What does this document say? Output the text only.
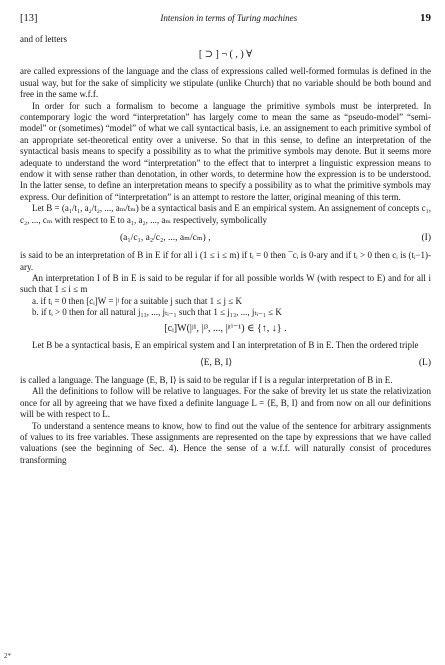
[13]	Intension in terms of Turing machines	19

and of letters

[ ⊃ ] ¬ ( , ) ∀

are called expressions of the language and the class of expressions called well-formed formulas is defined in the usual way, but for the sake of simplicity we stipulate (unlike Church) that no variable should be both bound and free in the same w.f.f.

In order for such a formalism to become a language the primitive symbols must be interpreted. In contemporary logic the word “interpretation” has largely come to mean the same as “pseudo-model” “semi-model” or (sometimes) “model” of what we call syntactical basis, i.e. an assignement to each primitive symbol of an appropriate set-theoretical entity over a universe. So that in this sense, to define an interpretation of the syntactical basis means to specify a possibility as to what the primitive symbols may denote. But it seems more adequate to understand the word “interpretation” to the effect that to interpret a linguistic expression means to endow it with sense rather than denotation, in other words, to determine how the expression is to be understood. In the latter sense, to define an interpretation means to specify a possibility as to what the primitive symbols may express. Our definition of “interpretation” is an attempt to restore the latter, original meaning of this term.

Let B = (a₁/t₁, a₂/t₂, ..., aₘ/tₘ) be a syntactical basis and E an empirical system. An assignement of concepts c₁, c₂, ..., cₘ with respect to E to a₁, a₂, ..., aₘ respectively, symbolically

(a₁/c₁, a₂/c₂, ..., aₘ/cₘ) ,	(I)

is said to be an interpretation of B in E if for all i (1 ≤ i ≤ m) if tᵢ = 0 then ¯cᵢ is 0-ary and if tᵢ > 0 then cᵢ is (tᵢ−1)-ary.

An interpretation I of B in E is said to be regular if for all possible worlds W (with respect to E) and for all i such that 1 ≤ i ≤ m

a. if tᵢ = 0 then [cᵢ]W = |ʲ for a suitable j such that 1 ≤ j ≤ K
b. if tᵢ > 0 then for all natural j₁₃, ..., jₜᵢ₋₁ such that 1 ≤ j₁₃, ..., jₜᵢ₋₁ ≤ K
[cᵢ]W(|ʲ¹, |ʲ³, ..., |ʲᵗⁱ⁻¹) ∈ {↑, ↓} .

Let B be a syntactical basis, E an empirical system and I an interpretation of B in E. Then the ordered triple

⟨E, B, I⟩	(L)

is called a language. The language ⟨E, B, I⟩ is said to be regular if I is a regular interpretation of B in E.

All the definitions to follow will be relative to languages. For the sake of brevity let us state the relativization once for all by agreeing that we have fixed a definite language L = ⟨E, B, I⟩ and from now on all our definitions will be with respect to L.

To understand a sentence means to know, how to find out the value of the sentence for arbitrary assignments of values to its free variables. These assignments are represented on the tape by expressions that we have called valuations (see the beginning of Sec. 4). Hence the sense of a w.f.f. will naturally consist of procedures transforming

2*
